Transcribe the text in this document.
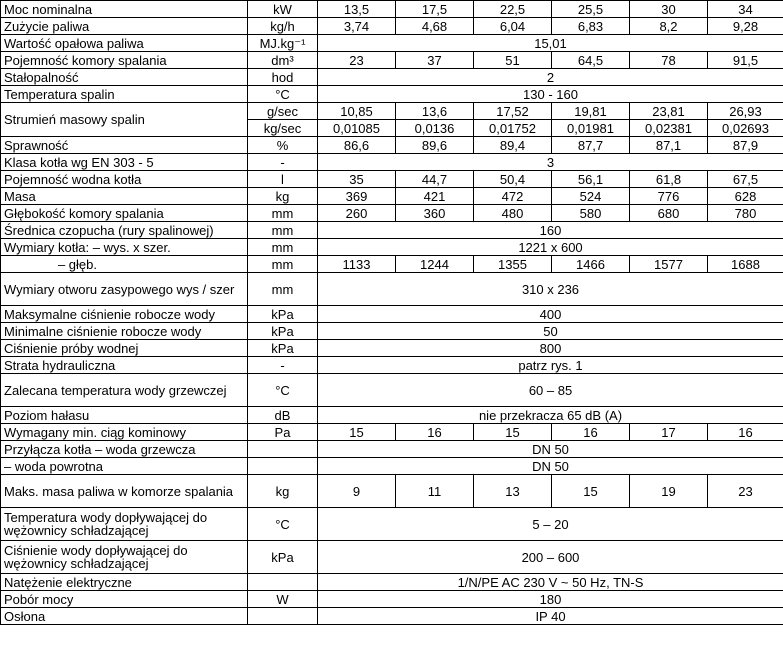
Moc nominalna	kW	13,5	17,5	22,5	25,5	30	34
Zużycie paliwa	kg/h	3,74	4,68	6,04	6,83	8,2	9,28
Wartość opałowa paliwa	MJ.kg⁻¹	15,01					
Pojemność komory spalania	dm³	23	37	51	64,5	78	91,5
Stałopalność	hod	2					
Temperatura spalin	°C	130 - 160					
Strumień masowy spalin	g/sec	10,85	13,6	17,52	19,81	23,81	26,93
	kg/sec	0,01085	0,0136	0,01752	0,01981	0,02381	0,02693
Sprawność	%	86,6	89,6	89,4	87,7	87,1	87,9
Klasa kotła wg EN 303 - 5	-	3					
Pojemność wodna kotła	l	35	44,7	50,4	56,1	61,8	67,5
Masa	kg	369	421	472	524	776	628
Głębokość komory spalania	mm	260	360	480	580	680	780
Średnica czopucha (rury spalinowej)	mm	160					
Wymiary kotła: – wys. x szer.	mm	1221 x 600					
– głęb.	mm	1133	1244	1355	1466	1577	1688
Wymiary otworu zasypowego wys / szer	mm	310 x 236					
Maksymalne ciśnienie robocze wody	kPa	400					
Minimalne ciśnienie robocze wody	kPa	50					
Ciśnienie próby wodnej	kPa	800					
Strata hydrauliczna	-	patrz rys. 1					
Zalecana temperatura wody grzewczej	°C	60 – 85					
Poziom hałasu	dB	nie przekracza 65 dB (A)					
Wymagany min. ciąg kominowy	Pa	15	16	15	16	17	16
Przyłącza kotła – woda grzewcza		DN 50					
– woda powrotna		DN 50					
Maks. masa paliwa w komorze spalania	kg	9	11	13	15	19	23
Temperatura wody dopływającej do wężownicy schładzającej	°C	5 – 20					
Ciśnienie wody dopływającej do wężownicy schładzającej	kPa	200 – 600					
Natężenie elektryczne		1/N/PE AC 230 V ~ 50 Hz, TN-S					
Pobór mocy	W	180					
Osłona		IP 40					
